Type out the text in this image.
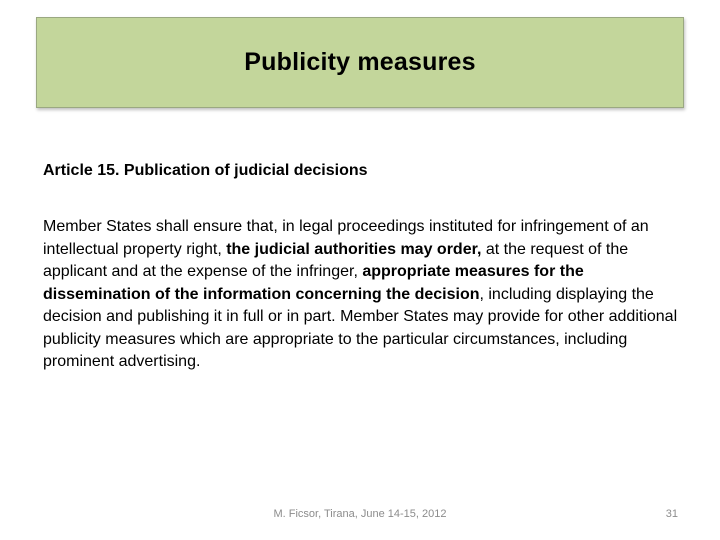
Publicity measures
Article 15. Publication of judicial decisions
Member States shall ensure that, in legal proceedings instituted for infringement of an intellectual property right, the judicial authorities may order, at the request of the applicant and at the expense of the infringer, appropriate measures for the dissemination of the information concerning the decision, including displaying the decision and publishing it in full or in part. Member States may provide for other additional publicity measures which are appropriate to the particular circumstances, including prominent advertising.
M. Ficsor, Tirana, June 14-15, 2012	31
